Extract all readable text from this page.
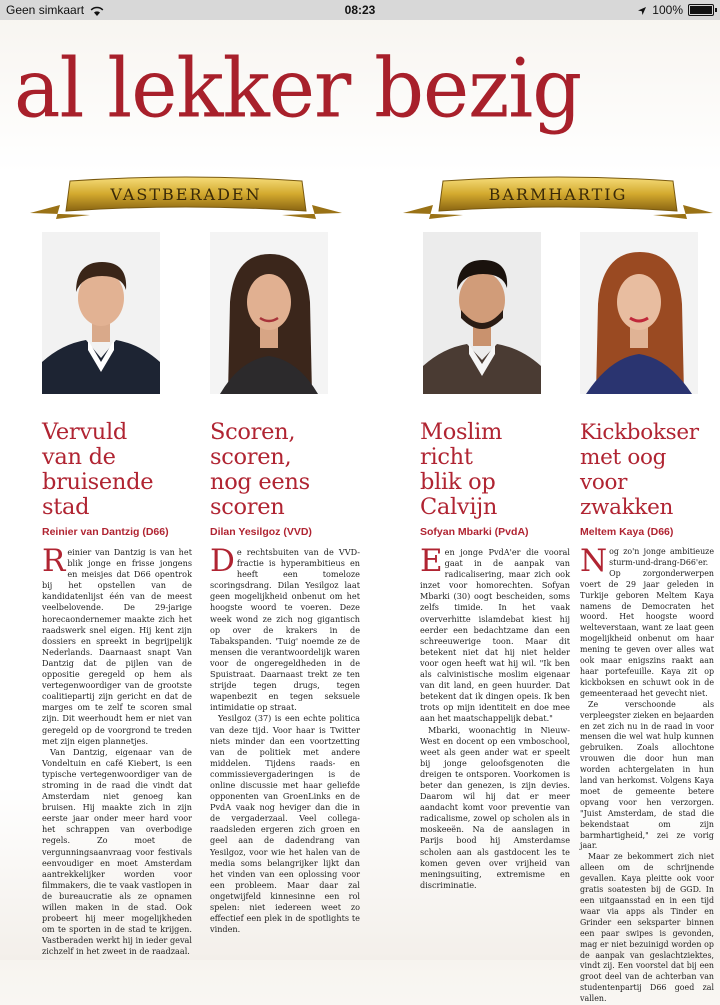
Geen simkaart	08:23	100%
al lekker bezig
VASTBERADEN	BARMHARTIG
Vervuld
van de
bruisende
stad
Reinier van Dantzig (D66)

Reinier van Dantzig is van het blik jonge en frisse jongens en meisjes dat D66 opentrok bij het opstellen van de kandidatenlijst één van de meest veelbelovende. De 29-jarige horecaondernemer maakte zich het raadswerk snel eigen. Hij kent zijn dossiers en spreekt in begrijpelijk Nederlands. Daarnaast snapt Van Dantzig dat de pijlen van de oppositie geregeld op hem als vertegenwoordiger van de grootste coalitiepartij zijn gericht en dat de marges om te zelf te scoren smal zijn. Dit weerhoudt hem er niet van geregeld op de voorgrond te treden met zijn eigen plannetjes.

Van Dantzig, eigenaar van de Vondeltuin en café Kiebert, is een typische vertegenwoordiger van de stroming in de raad die vindt dat Amsterdam niet genoeg kan bruisen. Hij maakte zich in zijn eerste jaar onder meer hard voor het schrappen van overbodige regels. Zo moet de vergunningsaanvraag voor festivals eenvoudiger en moet Amsterdam aantrekkelijker worden voor filmmakers, die te vaak vastlopen in de bureaucratie als ze opnamen willen maken in de stad. Ook probeert hij meer mogelijkheden om te sporten in de stad te krijgen. Vastberaden werkt hij in ieder geval zichzelf in het zweet in de raadzaal.

Scoren,
scoren,
nog eens
scoren
Dilan Yesilgoz (VVD)

De rechtsbuiten van de VVD-fractie is hyperambitieus en heeft een tomeloze scoringsdrang. Dilan Yesilgoz laat geen mogelijkheid onbenut om het hoogste woord te voeren. Deze week wond ze zich nog gigantisch op over de krakers in de Tabakspanden. 'Tuig' noemde ze de mensen die verantwoordelijk waren voor de ongeregeldheden in de Spuistraat. Daarnaast trekt ze ten strijde tegen drugs, tegen wapenbezit en tegen seksuele intimidatie op straat.

Yesilgoz (37) is een echte politica van deze tijd. Voor haar is Twitter niets minder dan een voortzetting van de politiek met andere middelen. Tijdens raads- en commissievergaderingen is de online discussie met haar geliefde opponenten van GroenLinks en de PvdA vaak nog heviger dan die in de vergaderzaal. Veel collega-raadsleden ergeren zich groen en geel aan de dadendrang van Yesilgoz, voor wie het halen van de media soms belangrijker lijkt dan het vinden van een oplossing voor een probleem. Maar daar zal ongetwijfeld kinnesinne een rol spelen: niet iedereen weet zo effectief een plek in de spotlights te vinden.

Moslim
richt
blik op
Calvijn
Sofyan Mbarki (PvdA)

Een jonge PvdA'er die vooral gaat in de aanpak van radicalisering, maar zich ook inzet voor homorechten. Sofyan Mbarki (30) oogt bescheiden, soms zelfs timide. In het vaak oververhitte islamdebat kiest hij eerder een bedachtzame dan een schreeuwerige toon. Maar dit betekent niet dat hij niet helder voor ogen heeft wat hij wil. "Ik ben als calvinistische moslim eigenaar van dit land, en geen huurder. Dat betekent dat ik dingen opeis. Ik ben trots op mijn identiteit en doe mee aan het maatschappelijk debat."

Mbarki, woonachtig in Nieuw-West en docent op een vmboschool, weet als geen ander wat er speelt bij jonge geloofsgenoten die dreigen te ontsporen. Voorkomen is beter dan genezen, is zijn devies. Daarom wil hij dat er meer aandacht komt voor preventie van radicalisme, zowel op scholen als in moskeeën. Na de aanslagen in Parijs bood hij Amsterdamse scholen aan als gastdocent les te komen geven over vrijheid van meningsuiting, extremisme en discriminatie.

Kickbokser
met oog
voor
zwakken
Meltem Kaya (D66)

Nog zo'n jonge ambitieuze sturm-und-drang-D66'er. Op zorgonderwerpen voert de 29 jaar geleden in Turkije geboren Meltem Kaya namens de Democraten het woord. Het hoogste woord welteverstaan, want ze laat geen mogelijkheid onbenut om haar mening te geven over alles wat ook maar enigszins raakt aan haar portefeuille. Kaya zit op kickboksen en schuwt ook in de gemeenteraad het gevecht niet.

Ze verschoonde als verpleegster zieken en bejaarden en zet zich nu in de raad in voor mensen die wel wat hulp kunnen gebruiken. Zoals allochtone vrouwen die door hun man worden achtergelaten in hun land van herkomst. Volgens Kaya moet de gemeente betere opvang voor hen verzorgen. "Juist Amsterdam, de stad die bekendstaat om zijn barmhartigheid," zei ze vorig jaar.

Maar ze bekommert zich niet alleen om de schrijnende gevallen. Kaya pleitte ook voor gratis soatesten bij de GGD. In een uitgaansstad en in een tijd waar via apps als Tinder en Grinder een seksparter binnen een paar swipes is gevonden, mag er niet bezuinigd worden op de aanpak van geslachtziektes, vindt zij. Een voorstel dat bij een groot deel van de achterban van studentenpartij D66 goed zal vallen.
